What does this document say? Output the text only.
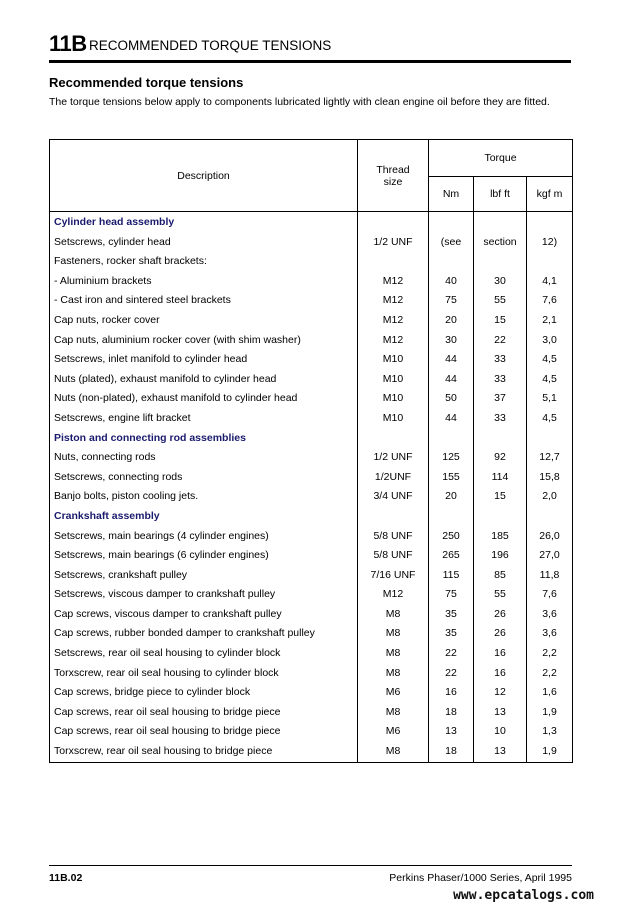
11B RECOMMENDED TORQUE TENSIONS
Recommended torque tensions
The torque tensions below apply to components lubricated lightly with clean engine oil before they are fitted.
Description	Thread size	Torque		
		Nm	lbf ft	kgf m
Cylinder head assembly				
Setscrews, cylinder head	1/2 UNF	(see	section	12)
Fasteners, rocker shaft brackets:				
- Aluminium brackets	M12	40	30	4,1
- Cast iron and sintered steel brackets	M12	75	55	7,6
Cap nuts, rocker cover	M12	20	15	2,1
Cap nuts, aluminium rocker cover (with shim washer)	M12	30	22	3,0
Setscrews, inlet manifold to cylinder head	M10	44	33	4,5
Nuts (plated), exhaust manifold to cylinder head	M10	44	33	4,5
Nuts (non-plated), exhaust manifold to cylinder head	M10	50	37	5,1
Setscrews, engine lift bracket	M10	44	33	4,5
Piston and connecting rod assemblies				
Nuts, connecting rods	1/2 UNF	125	92	12,7
Setscrews, connecting rods	1/2UNF	155	114	15,8
Banjo bolts, piston cooling jets.	3/4 UNF	20	15	2,0
Crankshaft assembly				
Setscrews, main bearings (4 cylinder engines)	5/8 UNF	250	185	26,0
Setscrews, main bearings (6 cylinder engines)	5/8 UNF	265	196	27,0
Setscrews, crankshaft pulley	7/16 UNF	115	85	11,8
Setscrews, viscous damper to crankshaft pulley	M12	75	55	7,6
Cap screws, viscous damper to crankshaft pulley	M8	35	26	3,6
Cap screws, rubber bonded damper to crankshaft pulley	M8	35	26	3,6
Setscrews, rear oil seal housing to cylinder block	M8	22	16	2,2
Torxscrew, rear oil seal housing to cylinder block	M8	22	16	2,2
Cap screws, bridge piece to cylinder block	M6	16	12	1,6
Cap screws, rear oil seal housing to bridge piece	M8	18	13	1,9
Cap screws, rear oil seal housing to bridge piece	M6	13	10	1,3
Torxscrew, rear oil seal housing to bridge piece	M8	18	13	1,9
11B.02	Perkins Phaser/1000 Series, April 1995
www.epcatalogs.com
